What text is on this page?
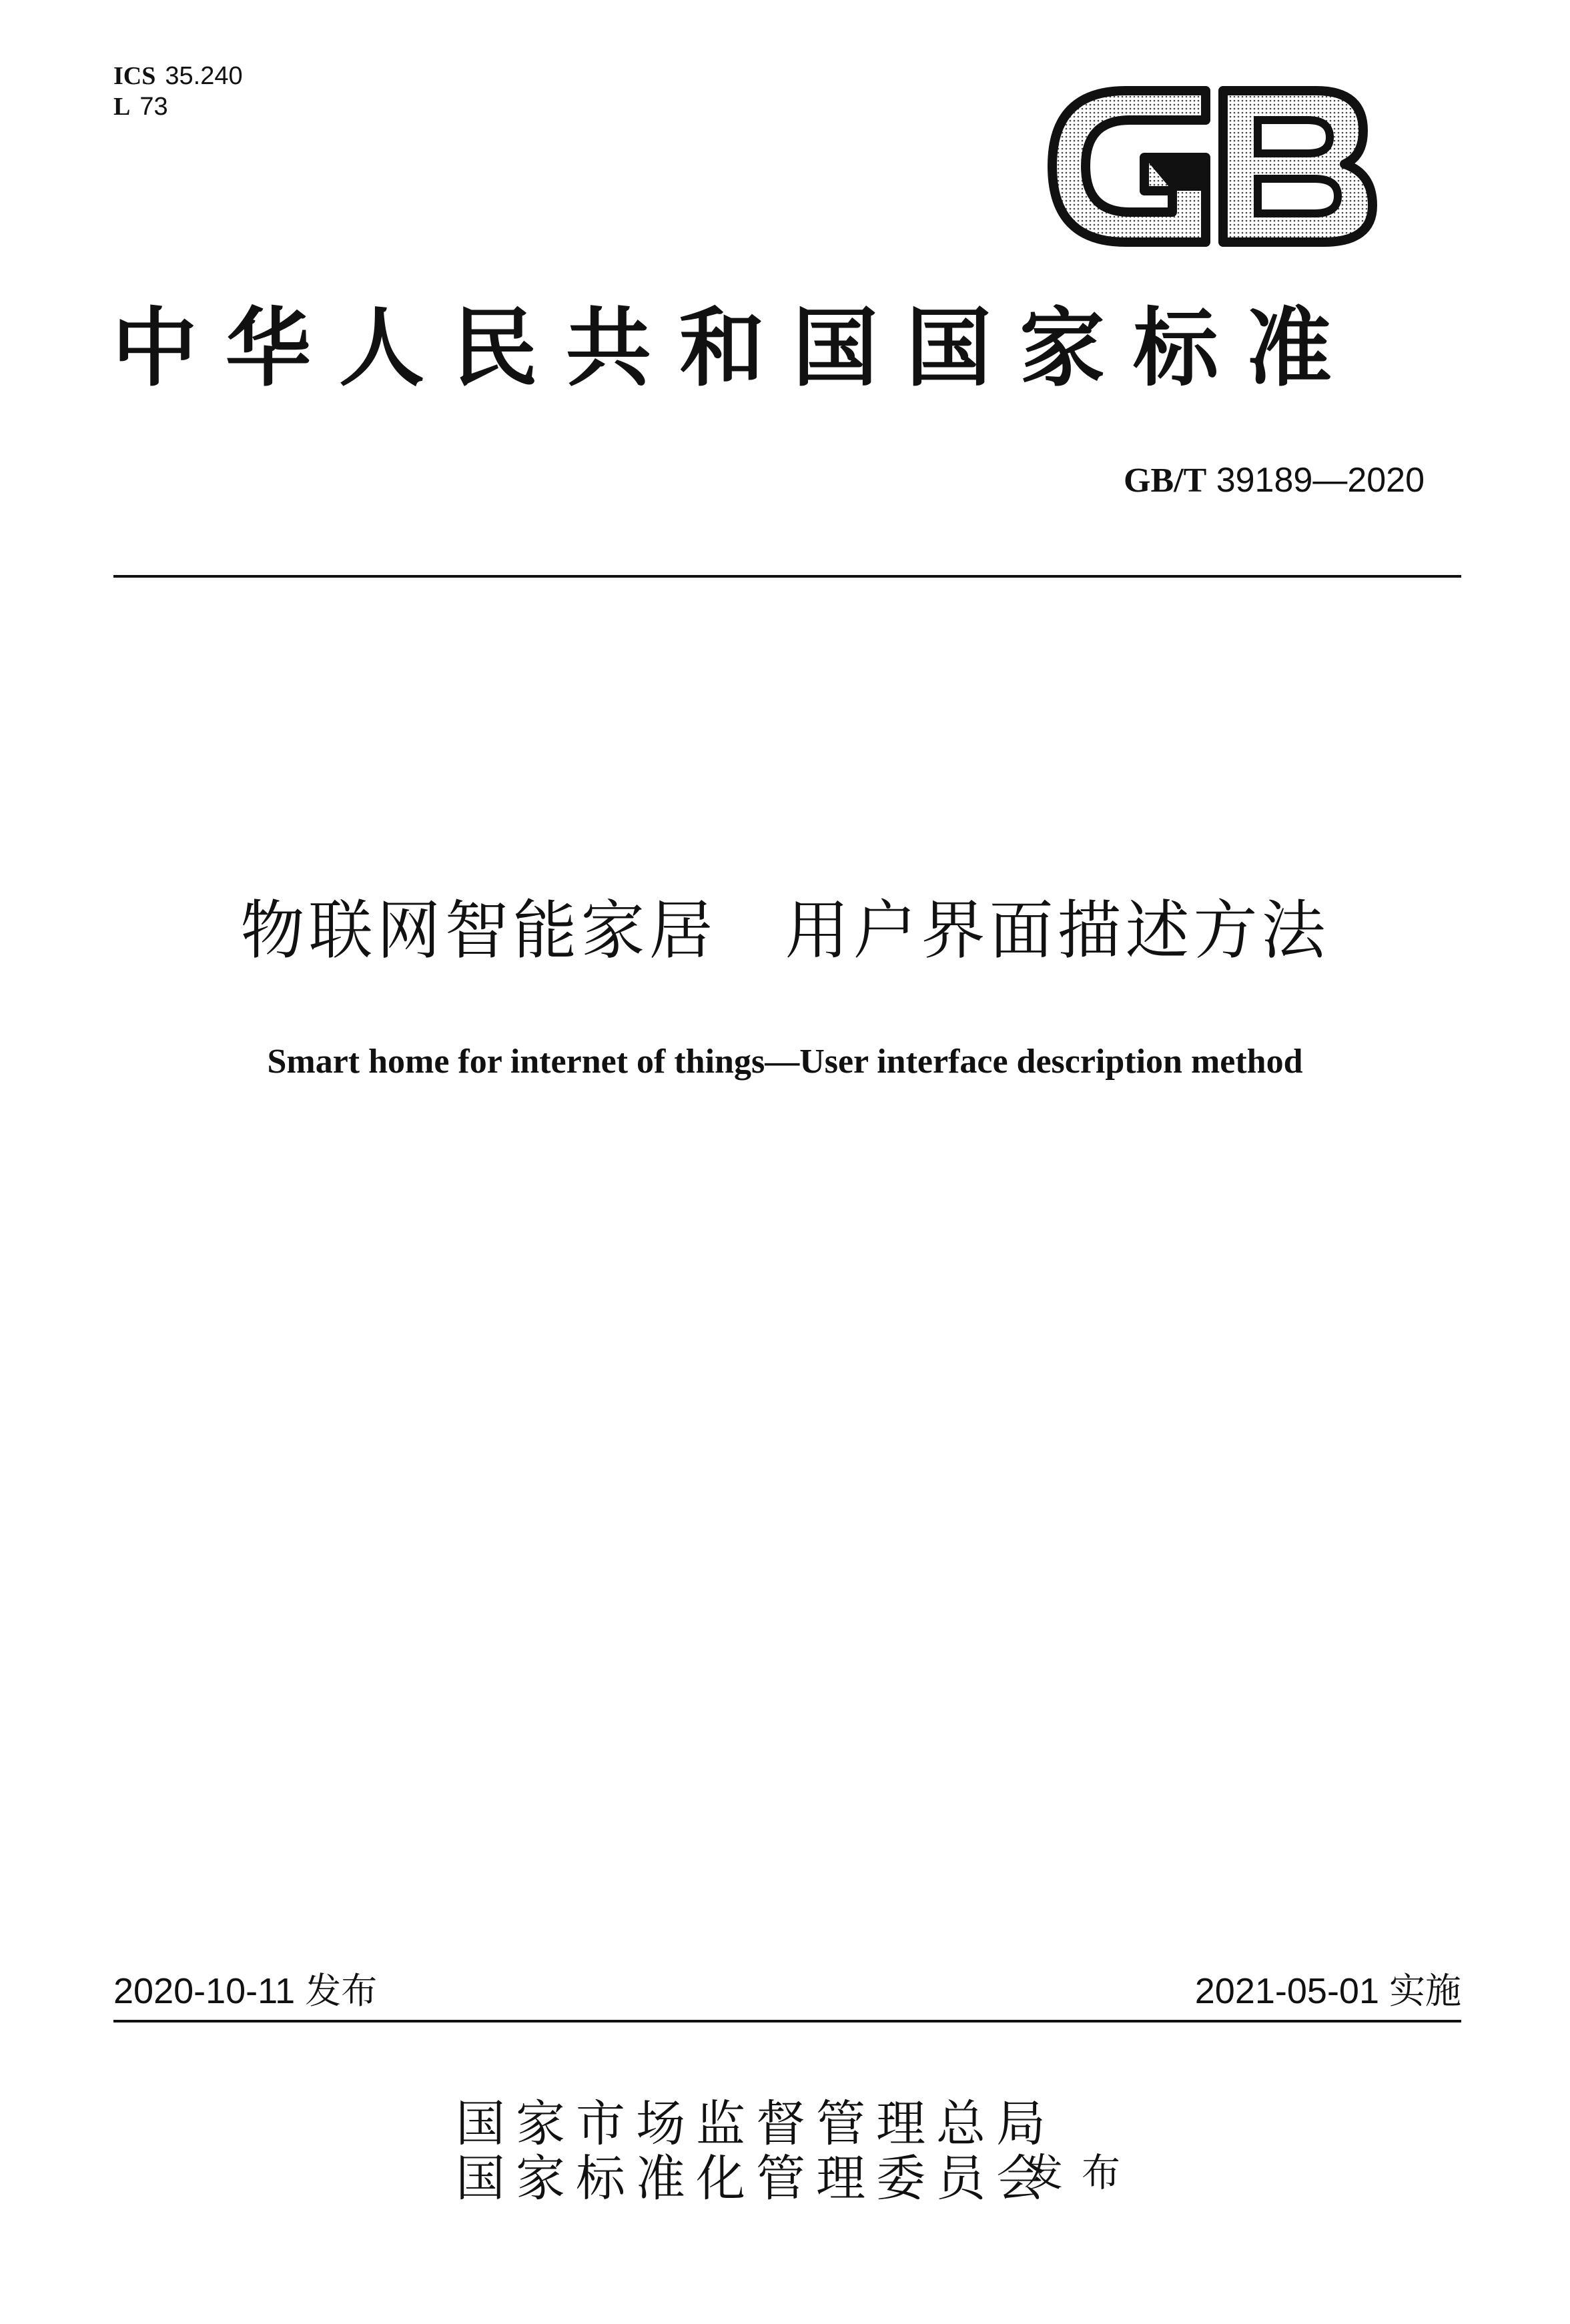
ICS 35.240
L 73
中华人民共和国国家标准
GB/T 39189—2020
物联网智能家居　用户界面描述方法
Smart home for internet of things—User interface description method
2020-10-11 发布	2021-05-01 实施
国家市场监督管理总局
国家标准化管理委员会
发布
